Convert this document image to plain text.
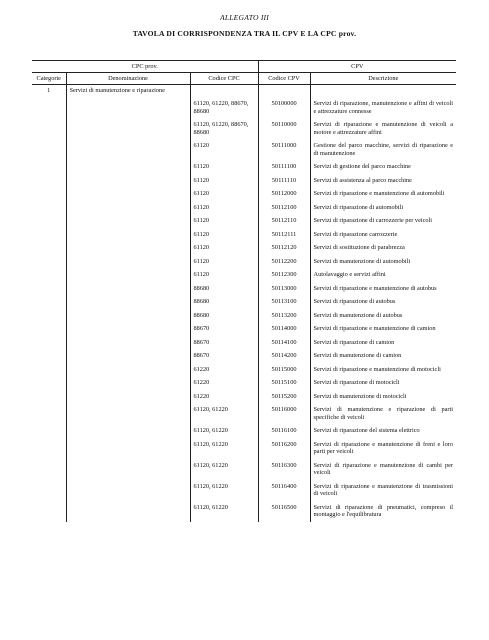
ALLEGATO III
TAVOLA DI CORRISPONDENZA TRA IL CPV E LA CPC prov.
CPC prov.			CPV	
Categorie	Denominazione	Codice CPC	Codice CPV	Descrizione
1	Servizi di manutenzione e riparazione			
		61120, 61220, 88670, 88680	50100000	Servizi di riparazione, manutenzione e affini di veicoli e attrezzature connesse
		61120, 61220, 88670, 88680	50110000	Servizi di riparazione e manutenzione di veicoli a motore e attrezzature affini
		61120	50111000	Gestione del parco macchine, servizi di riparazione e di manutenzione
		61120	50111100	Servizi di gestione del parco macchine
		61120	50111110	Servizi di assistenza al parco macchine
		61120	50112000	Servizi di riparazione e manutenzione di automobili
		61120	50112100	Servizi di riparazione di automobili
		61120	50112110	Servizi di riparazione di carrozzerie per veicoli
		61120	50112111	Servizi di riparazione carrozzerie
		61120	50112120	Servizi di sostituzione di parabrezza
		61120	50112200	Servizi di manutenzione di automobili
		61120	50112300	Autolavaggio e servizi affini
		88680	50113000	Servizi di riparazione e manutenzione di autobus
		88680	50113100	Servizi di riparazione di autobus
		88680	50113200	Servizi di manutenzione di autobus
		88670	50114000	Servizi di riparazione e manutenzione di camion
		88670	50114100	Servizi di riparazione di camion
		88670	50114200	Servizi di manutenzione di camion
		61220	50115000	Servizi di riparazione e manutenzione di motocicli
		61220	50115100	Servizi di riparazione di motocicli
		61220	50115200	Servizi di manutenzione di motocicli
		61120, 61220	50116000	Servizi di manutenzione e riparazione di parti specifiche di veicoli
		61120, 61220	50116100	Servizi di riparazione del sistema elettrico
		61120, 61220	50116200	Servizi di riparazione e manutenzione di freni e loro parti per veicoli
		61120, 61220	50116300	Servizi di riparazione e manutenzione di cambi per veicoli
		61120, 61220	50116400	Servizi di riparazione e manutenzione di trasmissioni di veicoli
		61120, 61220	50116500	Servizi di riparazione di pneumatici, compreso il montaggio e l'equilibratura
